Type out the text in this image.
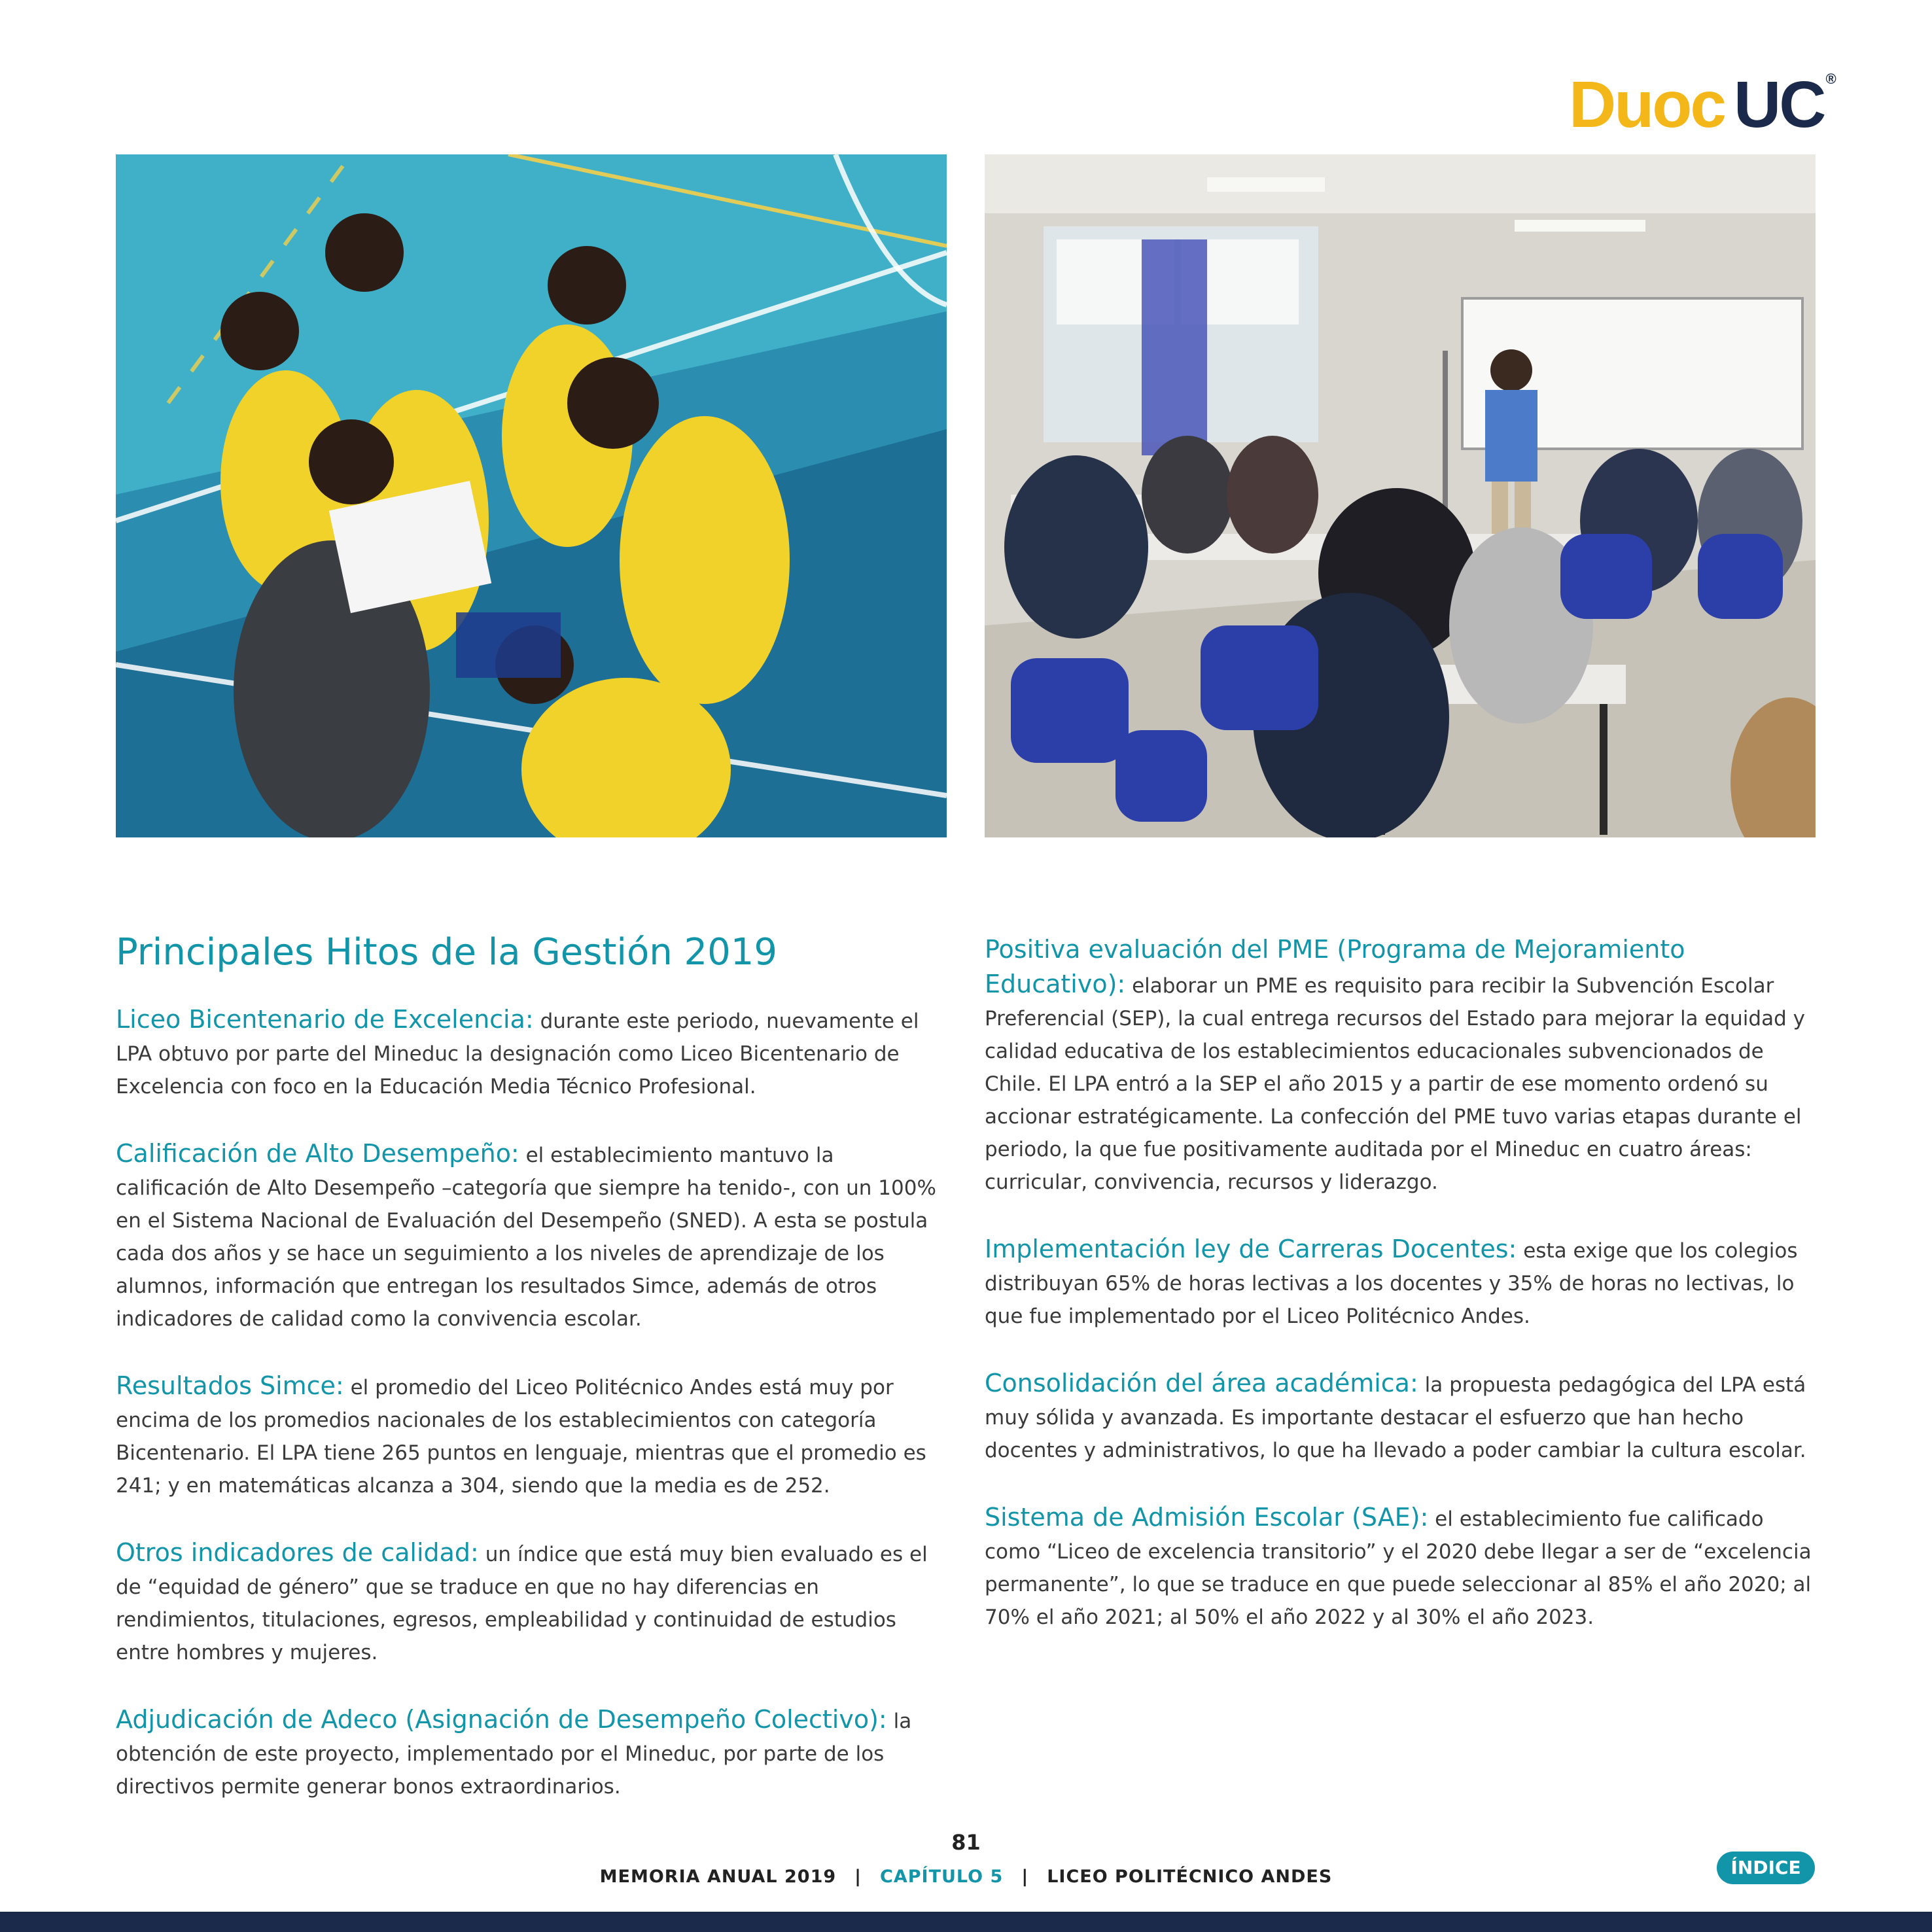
Duoc UC®
Principales Hitos de la Gestión 2019

Liceo Bicentenario de Excelencia: durante este periodo, nuevamente el LPA obtuvo por parte del Mineduc la designación como Liceo Bicentenario de Excelencia con foco en la Educación Media Técnico Profesional.

Calificación de Alto Desempeño: el establecimiento mantuvo la calificación de Alto Desempeño –categoría que siempre ha tenido-, con un 100% en el Sistema Nacional de Evaluación del Desempeño (SNED). A esta se postula cada dos años y se hace un seguimiento a los niveles de aprendizaje de los alumnos, información que entregan los resultados Simce, además de otros indicadores de calidad como la convivencia escolar.

Resultados Simce: el promedio del Liceo Politécnico Andes está muy por encima de los promedios nacionales de los establecimientos con categoría Bicentenario. El LPA tiene 265 puntos en lenguaje, mientras que el promedio es 241; y en matemáticas alcanza a 304, siendo que la media es de 252.

Otros indicadores de calidad: un índice que está muy bien evaluado es el de “equidad de género” que se traduce en que no hay diferencias en rendimientos, titulaciones, egresos, empleabilidad y continuidad de estudios entre hombres y mujeres.

Adjudicación de Adeco (Asignación de Desempeño Colectivo): la obtención de este proyecto, implementado por el Mineduc, por parte de los directivos permite generar bonos extraordinarios.

Positiva evaluación del PME (Programa de Mejoramiento Educativo): elaborar un PME es requisito para recibir la Subvención Escolar Preferencial (SEP), la cual entrega recursos del Estado para mejorar la equidad y calidad educativa de los establecimientos educacionales subvencionados de Chile. El LPA entró a la SEP el año 2015 y a partir de ese momento ordenó su accionar estratégicamente. La confección del PME tuvo varias etapas durante el periodo, la que fue positivamente auditada por el Mineduc en cuatro áreas: curricular, convivencia, recursos y liderazgo.

Implementación ley de Carreras Docentes: esta exige que los colegios distribuyan 65% de horas lectivas a los docentes y 35% de horas no lectivas, lo que fue implementado por el Liceo Politécnico Andes.

Consolidación del área académica: la propuesta pedagógica del LPA está muy sólida y avanzada. Es importante destacar el esfuerzo que han hecho docentes y administrativos, lo que ha llevado a poder cambiar la cultura escolar.

Sistema de Admisión Escolar (SAE): el establecimiento fue calificado como “Liceo de excelencia transitorio” y el 2020 debe llegar a ser de “excelencia permanente”, lo que se traduce en que puede seleccionar al 85% el año 2020; al 70% el año 2021; al 50% el año 2022 y al 30% el año 2023.

81
MEMORIA ANUAL 2019 | CAPÍTULO 5 | LICEO POLITÉCNICO ANDES	ÍNDICE
